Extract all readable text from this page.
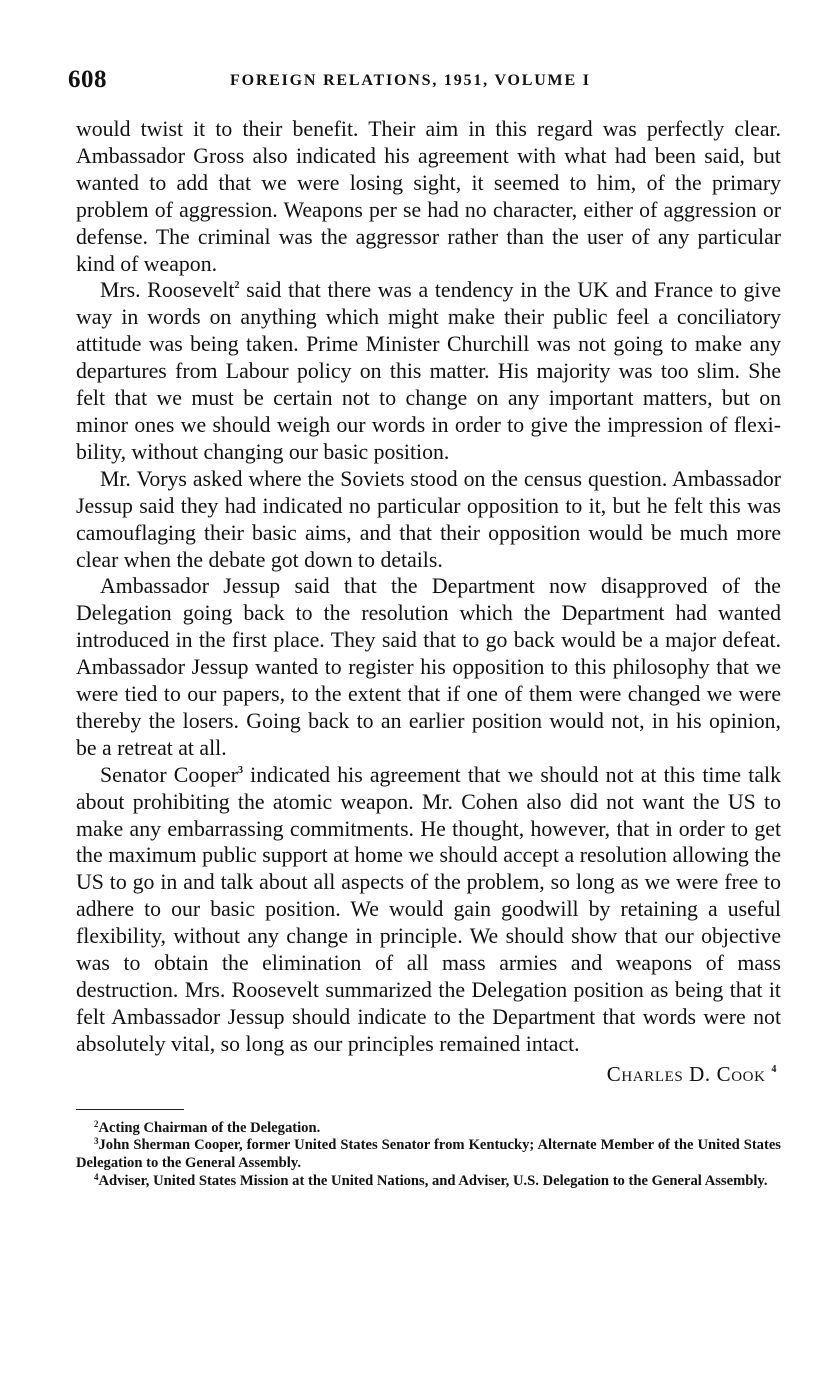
608	FOREIGN RELATIONS, 1951, VOLUME I

would twist it to their benefit. Their aim in this regard was perfectly clear. Ambassador Gross also indicated his agreement with what had been said, but wanted to add that we were losing sight, it seemed to him, of the primary problem of aggression. Weapons per se had no character, either of aggression or defense. The criminal was the aggressor rather than the user of any particular kind of weapon.

Mrs. Roosevelt$^2$ said that there was a tendency in the UK and France to give way in words on anything which might make their public feel a conciliatory attitude was being taken. Prime Minister Churchill was not going to make any departures from Labour policy on this matter. His majority was too slim. She felt that we must be certain not to change on any important matters, but on minor ones we should weigh our words in order to give the impression of flexibility, without changing our basic position.

Mr. Vorys asked where the Soviets stood on the census question. Ambassador Jessup said they had indicated no particular opposition to it, but he felt this was camouflaging their basic aims, and that their opposition would be much more clear when the debate got down to details.

Ambassador Jessup said that the Department now disapproved of the Delegation going back to the resolution which the Department had wanted introduced in the first place. They said that to go back would be a major defeat. Ambassador Jessup wanted to register his opposition to this philosophy that we were tied to our papers, to the extent that if one of them were changed we were thereby the losers. Going back to an earlier position would not, in his opinion, be a retreat at all.

Senator Cooper$^3$ indicated his agreement that we should not at this time talk about prohibiting the atomic weapon. Mr. Cohen also did not want the US to make any embarrassing commitments. He thought, however, that in order to get the maximum public support at home we should accept a resolution allowing the US to go in and talk about all aspects of the problem, so long as we were free to adhere to our basic position. We would gain goodwill by retaining a useful flexibility, without any change in principle. We should show that our objective was to obtain the elimination of all mass armies and weapons of mass destruction. Mrs. Roosevelt summarized the Delegation position as being that it felt Ambassador Jessup should indicate to the Department that words were not absolutely vital, so long as our principles remained intact.

Charles D. Cook $^4$

$^2$Acting Chairman of the Delegation.

$^3$John Sherman Cooper, former United States Senator from Kentucky; Alternate Member of the United States Delegation to the General Assembly.

$^4$Adviser, United States Mission at the United Nations, and Adviser, U.S. Delegation to the General Assembly.
